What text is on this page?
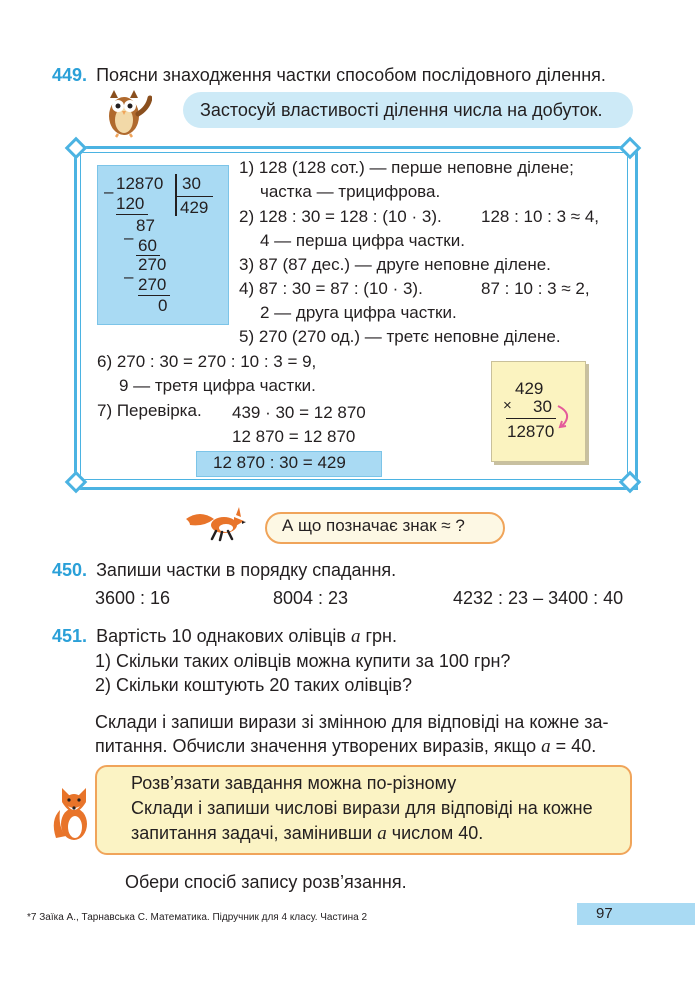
449. Поясни знаходження частки способом послідовного ділення.
Застосуй властивості ділення числа на добуток.
– 12870 30
120 429
–
87
60
–
270
270
0
1) 128 (128 сот.) — перше неповне ділене;
частка — трицифрова.
2) 128 : 30 = 128 : (10 · 3). 128 : 10 : 3 ≈ 4,
4 — перша цифра частки.
3) 87 (87 дес.) — друге неповне ділене.
4) 87 : 30 = 87 : (10 · 3).	87 : 10 : 3 ≈ 2,
2 — друга цифра частки.
5) 270 (270 од.) — третє неповне ділене.
6) 270 : 30 = 270 : 10 : 3 = 9,
9 — третя цифра частки.
7) Перевірка. 439 · 30 = 12 870
12 870 = 12 870
12 870 : 30 = 429
429
× 30
12870
А що позначає знак ≈ ?
450. Запиши частки в порядку спадання.
3600 : 16	8004 : 23	4232 : 23 – 3400 : 40
451. Вартість 10 однакових олівців a грн.
1) Скільки таких олівців можна купити за 100 грн?
2) Скільки коштують 20 таких олівців?
Склади і запиши вирази зі змінною для відповіді на кожне за-
питання. Обчисли значення утворених виразів, якщо a = 40.
Розв’язати завдання можна по-різному
Склади і запиши числові вирази для відповіді на кожне
запитання задачі, замінивши a числом 40.
Обери спосіб запису розв’язання.
*7 Заїка А., Тарнавська С. Математика. Підручник для 4 класу. Частина 2	97
